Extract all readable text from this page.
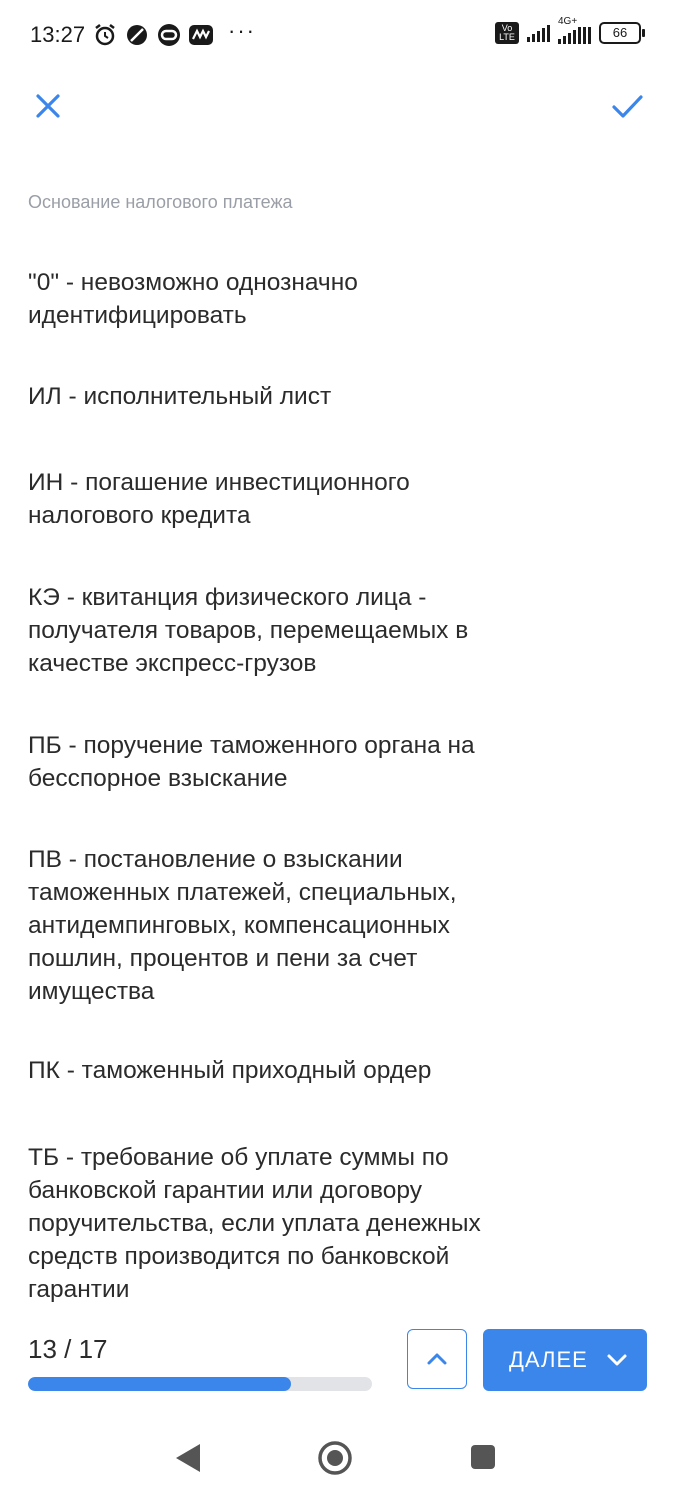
13:27	···	Vo LTE
4G+
66
Основание налогового платежа
"0" - невозможно однозначно
идентифицировать
ИЛ - исполнительный лист
ИН - погашение инвестиционного
налогового кредита
КЭ - квитанция физического лица -
получателя товаров, перемещаемых в
качестве экспресс-грузов
ПБ - поручение таможенного органа на
бесспорное взыскание
ПВ - постановление о взыскании
таможенных платежей, специальных,
антидемпинговых, компенсационных
пошлин, процентов и пени за счет
имущества
ПК - таможенный приходный ордер
ТБ - требование об уплате суммы по
банковской гарантии или договору
поручительства, если уплата денежных
средств производится по банковской
гарантии
13 / 17	ДАЛЕЕ
